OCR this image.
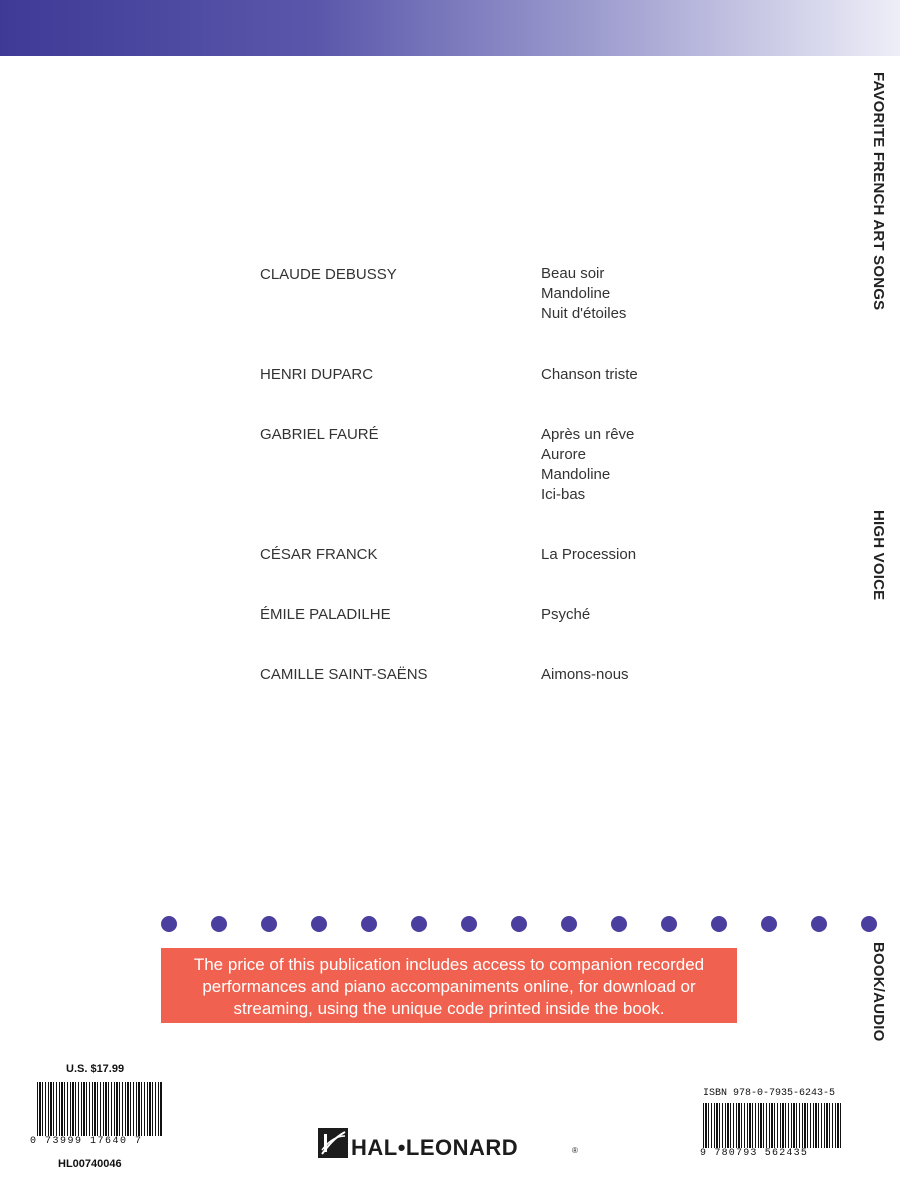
FAVORITE FRENCH ART SONGS
HIGH VOICE
BOOK/AUDIO
CLAUDE DEBUSSY	Beau soir
Mandoline
Nuit d'étoiles
HENRI DUPARC	Chanson triste
GABRIEL FAURÉ	Après un rêve
Aurore
Mandoline
Ici-bas
CÉSAR FRANCK	La Procession
ÉMILE PALADILHE	Psyché
CAMILLE SAINT-SAËNS	Aimons-nous
The price of this publication includes access to companion recorded performances and piano accompaniments online, for download or streaming, using the unique code printed inside the book.
U.S. $17.99
0 73999 17640 7
HL00740046
HAL•LEONARD	®
ISBN 978-0-7935-6243-5
9 780793 562435
